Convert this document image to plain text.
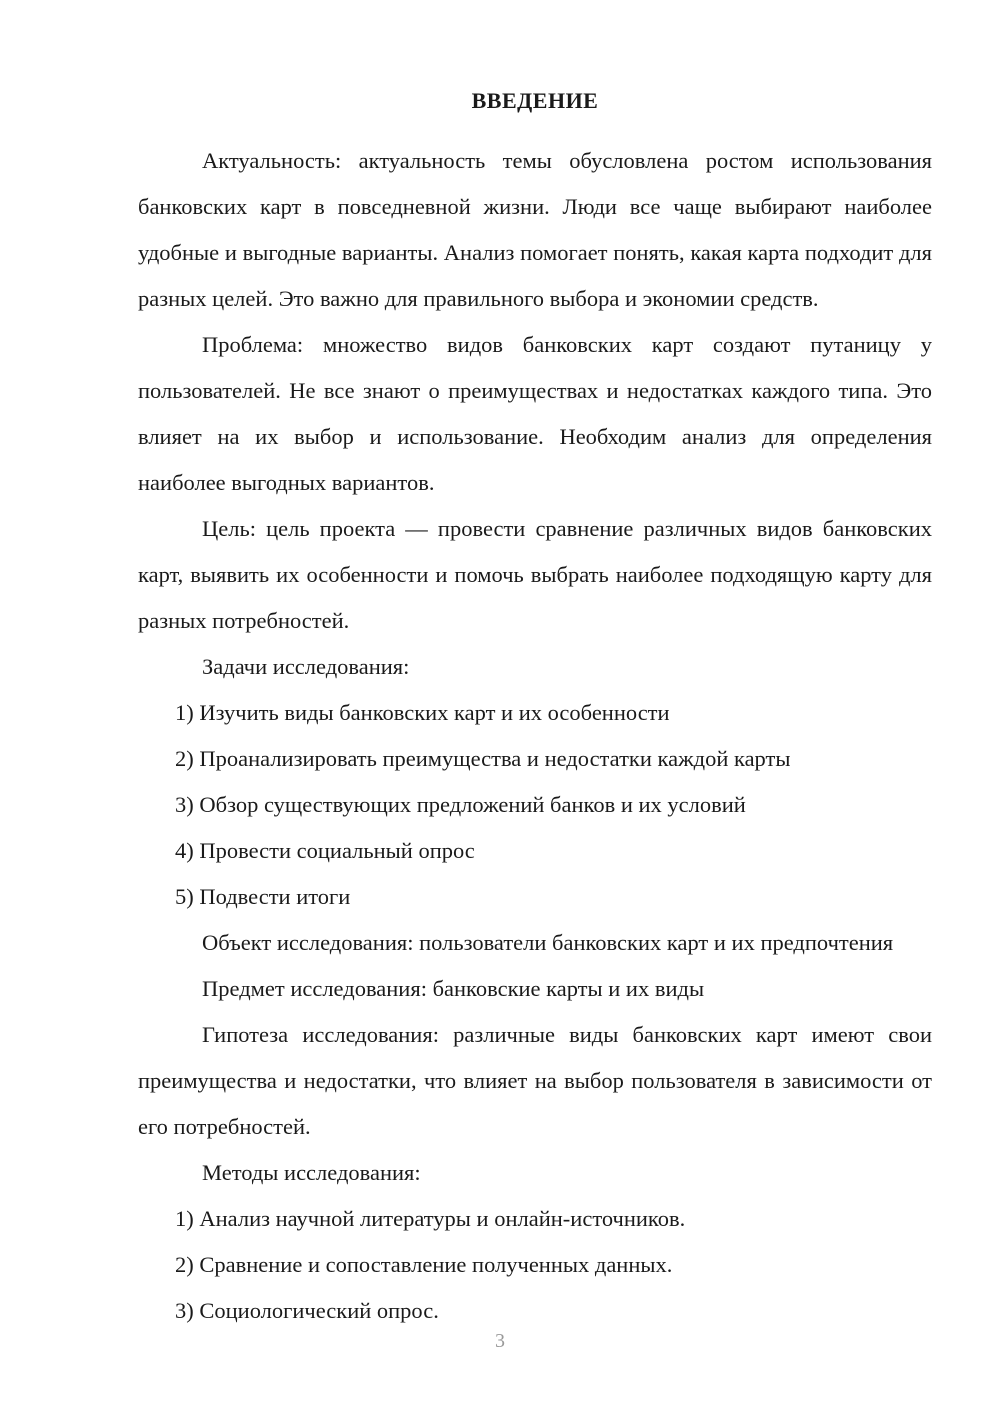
ВВЕДЕНИЕ

Актуальность: актуальность темы обусловлена ростом использования банковских карт в повседневной жизни. Люди все чаще выбирают наиболее удобные и выгодные варианты. Анализ помогает понять, какая карта подходит для разных целей. Это важно для правильного выбора и экономии средств.

Проблема: множество видов банковских карт создают путаницу у пользователей. Не все знают о преимуществах и недостатках каждого типа. Это влияет на их выбор и использование. Необходим анализ для определения наиболее выгодных вариантов.

Цель: цель проекта — провести сравнение различных видов банковских карт, выявить их особенности и помочь выбрать наиболее подходящую карту для разных потребностей.

Задачи исследования:

1) Изучить виды банковских карт и их особенности
2) Проанализировать преимущества и недостатки каждой карты
3) Обзор существующих предложений банков и их условий
4) Провести социальный опрос
5) Подвести итоги

Объект исследования: пользователи банковских карт и их предпочтения

Предмет исследования: банковские карты и их виды

Гипотеза исследования: различные виды банковских карт имеют свои преимущества и недостатки, что влияет на выбор пользователя в зависимости от его потребностей.

Методы исследования:

1) Анализ научной литературы и онлайн-источников.
2) Сравнение и сопоставление полученных данных.
3) Социологический опрос.
3
